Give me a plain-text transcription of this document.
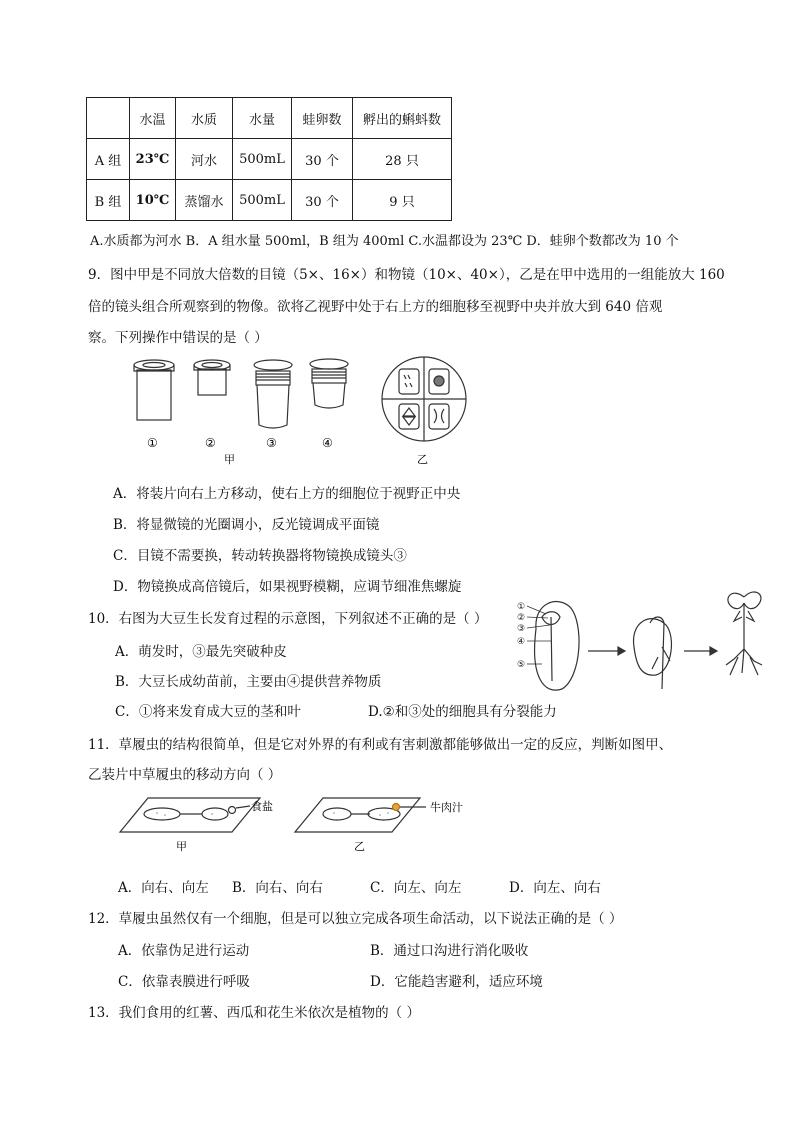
	水温	水质	水量	蛙卵数	孵出的蝌蚪数
A 组	23℃	河水	500mL	30 个	28 只
B 组	10℃	蒸馏水	500mL	30 个	9 只
A.水质都为河水 B．A 组水量 500ml，B 组为 400ml C.水温都设为 23℃ D．蛙卵个数都改为 10 个
9．图中甲是不同放大倍数的目镜（5×、16×）和物镜（10×、40×），乙是在甲中选用的一组能放大 160
倍的镜头组合所观察到的物像。欲将乙视野中处于右上方的细胞移至视野中央并放大到 640 倍观
察。下列操作中错误的是（ ）
①	②	③	④
甲	乙
A．将装片向右上方移动，使右上方的细胞位于视野正中央
B．将显微镜的光圈调小，反光镜调成平面镜
C．目镜不需要换，转动转换器将物镜换成镜头③
D．物镜换成高倍镜后，如果视野模糊，应调节细准焦螺旋
10．右图为大豆生长发育过程的示意图，下列叙述不正确的是（ ）
A．萌发时，③最先突破种皮
B．大豆长成幼苗前，主要由④提供营养物质
C．①将来发育成大豆的茎和叶	D.②和③处的细胞具有分裂能力
①
②
③
④
⑤
11．草履虫的结构很简单，但是它对外界的有利或有害刺激都能够做出一定的反应，判断如图甲、
乙装片中草履虫的移动方向（ ）
食盐
甲
牛肉汁
乙
A．向右、向左 B．向右、向右	C．向左、向左	D．向左、向右
12．草履虫虽然仅有一个细胞，但是可以独立完成各项生命活动，以下说法正确的是（ ）
A．依靠伪足进行运动	B．通过口沟进行消化吸收
C．依靠表膜进行呼吸	D．它能趋害避利，适应环境
13．我们食用的红薯、西瓜和花生米依次是植物的（ ）
